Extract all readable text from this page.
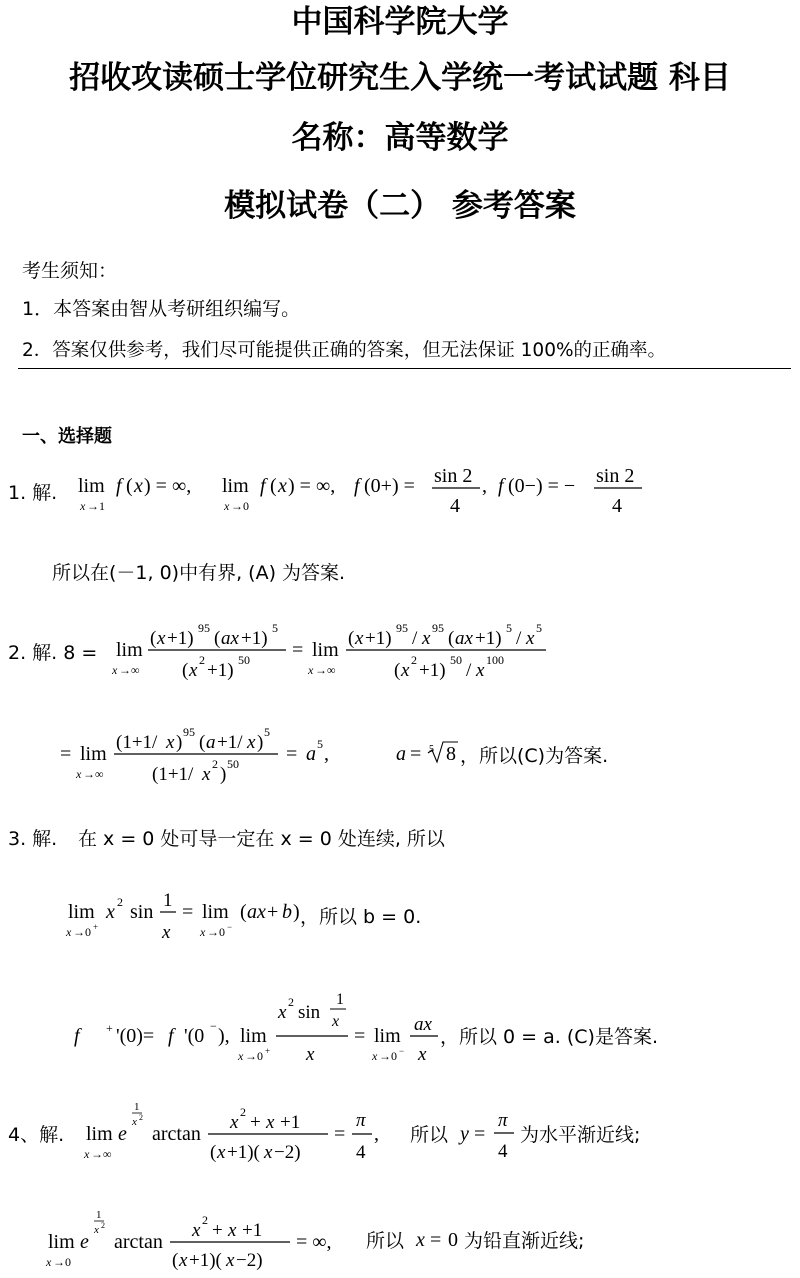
中国科学院大学
招收攻读硕士学位研究生入学统一考试试题 科目
名称：高等数学
模拟试卷（二） 参考答案
考生须知：
1．本答案由智从考研组织编写。
2．答案仅供参考，我们尽可能提供正确的答案，但无法保证 100%的正确率。
一、选择题
1. 解. lim
x →1
f ( x ) = ∞, lim
x →0
f ( x ) = ∞, f (0+) = sin 2
4
, f (0−) = − sin 2
4
所以在(－1, 0)中有界, (A) 为答案.
2. 解. 8 = lim
x →∞
( x +1) 95 ( ax +1) 5
( x 2 +1) 50 = lim
x →∞
( x +1) 95 / x 95 ( ax +1) 5 / x 5
( x 2 +1) 50 / x 100
= lim
x →∞
(1+1/ x ) 95 ( a +1/ x ) 5
(1+1/ x 2 ) 50 = a 5 ,	a = 5 8 ，所以(C)为答案.
3. 解. 在 x = 0 处可导一定在 x = 0 处连续, 所以
lim
x →0 +
x 2 sin
1
x
= lim
x →0 −
( ax + b ) ，所以 b = 0.
f + '(0)= f '(0 − ), lim
x →0 +
x 2 sin
1
x
x
= lim
x →0 −
ax
x
，所以 0 = a. (C)是答案.
4、解. lim
x →∞
e
1
x 2
arctan
x 2 + x +1
( x +1)( x −2)
=
π
4
, 所以 y =
π
4
为水平渐近线;
lim
x →0
e
1
x 2
arctan
x 2 + x +1
( x +1)( x −2)
= ∞, 所以 x = 0 为铅直渐近线;
